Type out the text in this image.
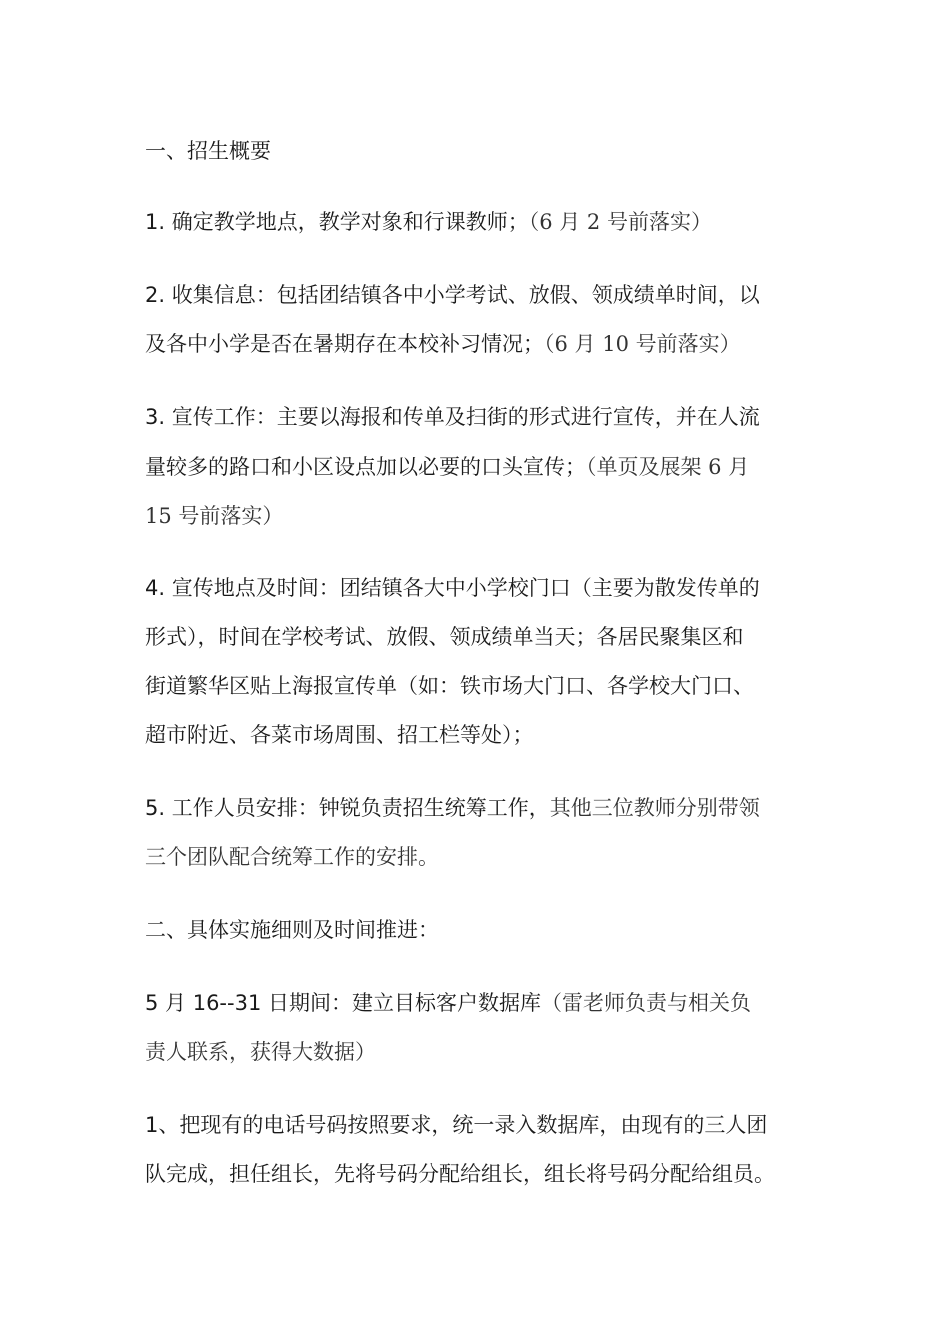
一、招生概要
1. 确定教学地点，教学对象和行课教师；（6 月 2 号前落实）
2. 收集信息：包括团结镇各中小学考试、放假、领成绩单时间，以
及各中小学是否在暑期存在本校补习情况；（6 月 10 号前落实）
3. 宣传工作：主要以海报和传单及扫街的形式进行宣传，并在人流
量较多的路口和小区设点加以必要的口头宣传；（单页及展架 6 月
15 号前落实）
4. 宣传地点及时间：团结镇各大中小学校门口（主要为散发传单的
形式），时间在学校考试、放假、领成绩单当天；各居民聚集区和
街道繁华区贴上海报宣传单（如：铁市场大门口、各学校大门口、
超市附近、各菜市场周围、招工栏等处）；
5. 工作人员安排：钟锐负责招生统筹工作，其他三位教师分别带领
三个团队配合统筹工作的安排。
二、具体实施细则及时间推进：
5 月 16--31 日期间：建立目标客户数据库（雷老师负责与相关负
责人联系，获得大数据）
1、把现有的电话号码按照要求，统一录入数据库，由现有的三人团
队完成，担任组长，先将号码分配给组长，组长将号码分配给组员。
